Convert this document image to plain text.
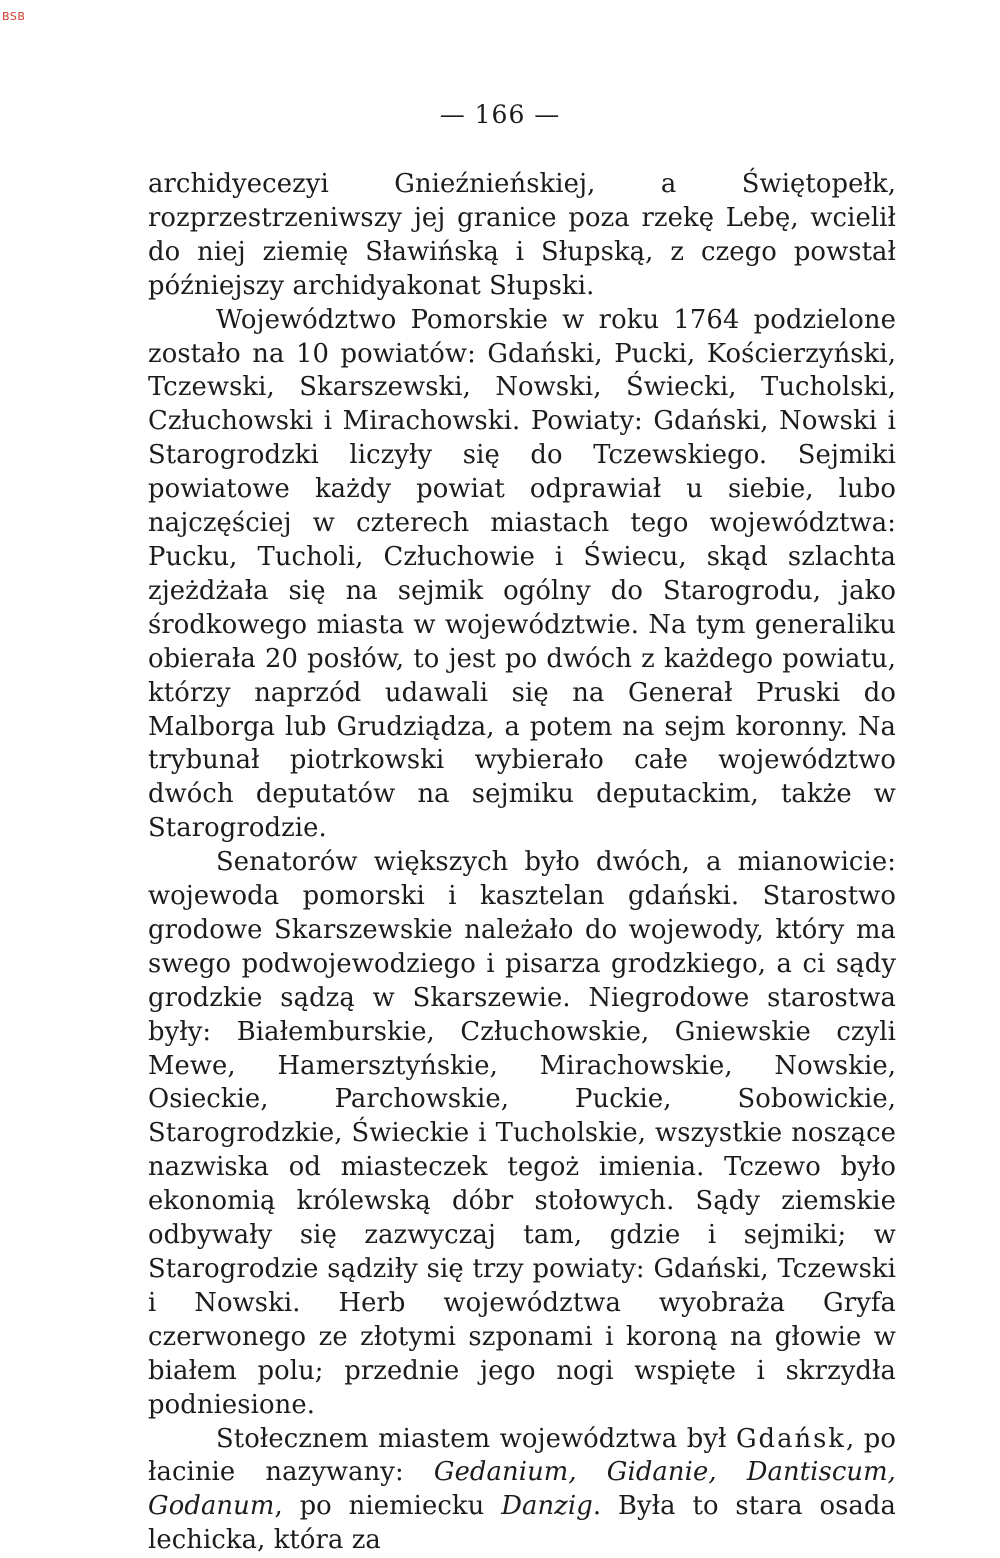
BSB
— 166 —

archidyecezyi Gnieźnieńskiej, a Świętopełk, rozprzestrzeniwszy jej granice poza rzekę Lebę, wcielił do niej ziemię Sławińską i Słupską, z czego powstał późniejszy archidyakonat Słupski.

Województwo Pomorskie w roku 1764 podzielone zostało na 10 powiatów: Gdański, Pucki, Kościerzyński, Tczewski, Skarszewski, Nowski, Świecki, Tucholski, Człuchowski i Mirachowski. Powiaty: Gdański, Nowski i Starogrodzki liczyły się do Tczewskiego. Sejmiki powiatowe każdy powiat odprawiał u siebie, lubo najczęściej w czterech miastach tego województwa: Pucku, Tucholi, Człuchowie i Świecu, skąd szlachta zjeżdżała się na sejmik ogólny do Starogrodu, jako środkowego miasta w województwie. Na tym generaliku obierała 20 posłów, to jest po dwóch z każdego powiatu, którzy naprzód udawali się na Generał Pruski do Malborga lub Grudziądza, a potem na sejm koronny. Na trybunał piotrkowski wybierało całe województwo dwóch deputatów na sejmiku deputackim, także w Starogrodzie.

Senatorów większych było dwóch, a mianowicie: wojewoda pomorski i kasztelan gdański. Starostwo grodowe Skarszewskie należało do wojewody, który ma swego podwojewodziego i pisarza grodzkiego, a ci sądy grodzkie sądzą w Skarszewie. Niegrodowe starostwa były: Białemburskie, Człuchowskie, Gniewskie czyli Mewe, Hamersztyńskie, Mirachowskie, Nowskie, Osieckie, Parchowskie, Puckie, Sobowickie, Starogrodzkie, Świeckie i Tucholskie, wszystkie noszące nazwiska od miasteczek tegoż imienia. Tczewo było ekonomią królewską dóbr stołowych. Sądy ziemskie odbywały się zazwyczaj tam, gdzie i sejmiki; w Starogrodzie sądziły się trzy powiaty: Gdański, Tczewski i Nowski. Herb województwa wyobraża Gryfa czerwonego ze złotymi szponami i koroną na głowie w białem polu; przednie jego nogi wspięte i skrzydła podniesione.

Stołecznem miastem województwa był Gdańsk, po łacinie nazywany: Gedanium, Gidanie, Dantiscum, Godanum, po niemiecku Danzig. Była to stara osada lechicka, która za
